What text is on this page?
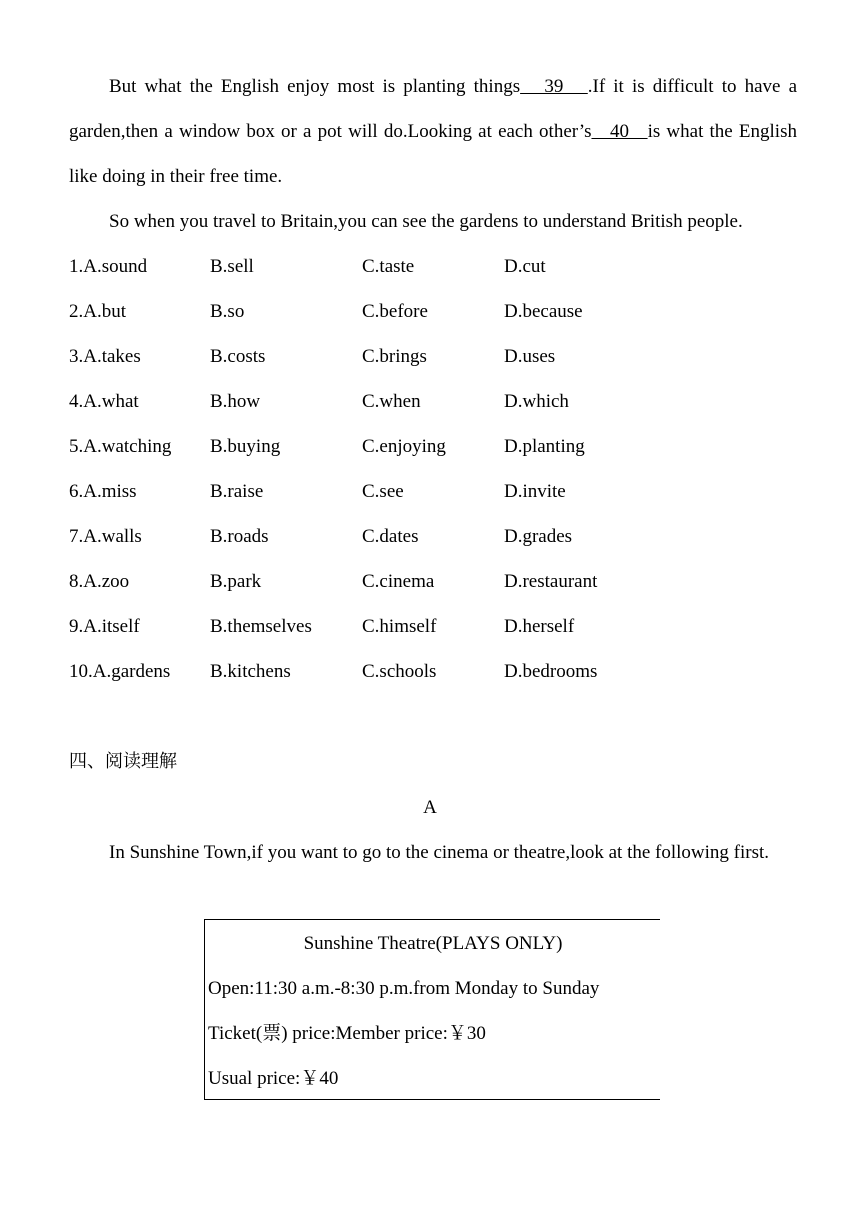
But what the English enjoy most is planting things   39   .If it is difficult to have a garden,then a window box or a pot will do.Looking at each other’s   40   is what the English like doing in their free time.

So when you travel to Britain,you can see the gardens to understand British people.

1.A.sound	B.sell	C.taste	D.cut
2.A.but	B.so	C.before	D.because
3.A.takes	B.costs	C.brings	D.uses
4.A.what	B.how	C.when	D.which
5.A.watching B.buying	C.enjoying	D.planting
6.A.miss	B.raise	C.see	D.invite
7.A.walls	B.roads	C.dates	D.grades
8.A.zoo	B.park	C.cinema	D.restaurant
9.A.itself	B.themselves	C.himself	D.herself
10.A.gardens B.kitchens	C.schools	D.bedrooms
四、阅读理解
A

In Sunshine Town,if you want to go to the cinema or theatre,look at the following first.

Sunshine Theatre(PLAYS ONLY)
Open:11:30 a.m.-8:30 p.m.from Monday to Sunday
Ticket(票) price:Member price:￥30
Usual price:￥40
